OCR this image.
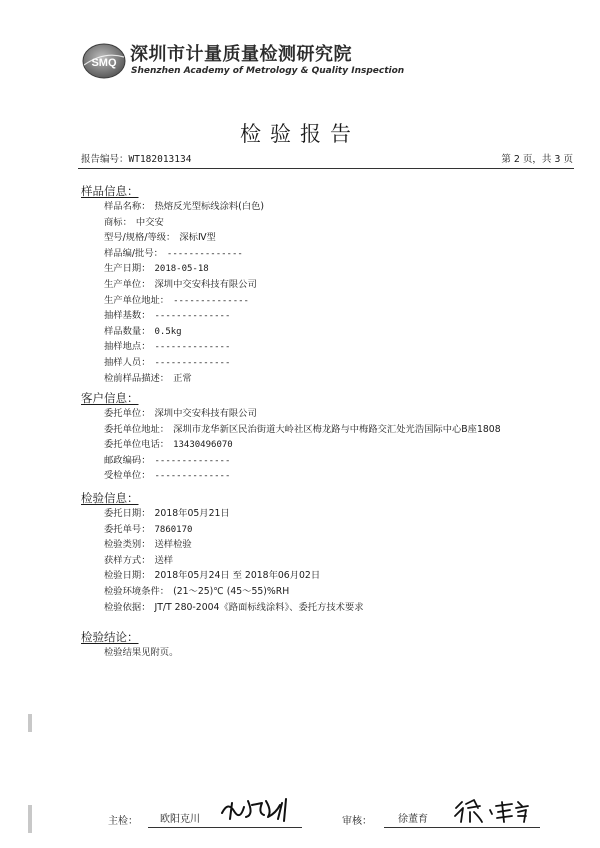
SMQ 深圳市计量质量检测研究院
Shenzhen Academy of Metrology & Quality Inspection
检验报告
报告编号：WT182013134	第 2 页，共 3 页
样品信息：
样品名称： 热熔反光型标线涂料(白色)
商标： 中交安
型号/规格/等级： 深标Ⅳ型
样品编/批号： --------------
生产日期： 2018-05-18
生产单位： 深圳中交安科技有限公司
生产单位地址： --------------
抽样基数： --------------
样品数量： 0.5kg
抽样地点： --------------
抽样人员： --------------
检前样品描述： 正常
客户信息：
委托单位： 深圳中交安科技有限公司
委托单位地址： 深圳市龙华新区民治街道大岭社区梅龙路与中梅路交汇处光浩国际中心B座1808
委托单位电话： 13430496070
邮政编码： --------------
受检单位： --------------
检验信息：
委托日期： 2018年05月21日
委托单号： 7860170
检验类别： 送样检验
获样方式： 送样
检验日期： 2018年05月24日 至 2018年06月02日
检验环境条件： (21～25)℃ (45～55)%RH
检验依据： JT/T 280-2004《路面标线涂料》、委托方技术要求
检验结论：
检验结果见附页。
主检： 欧阳克川	审核：	徐董育
